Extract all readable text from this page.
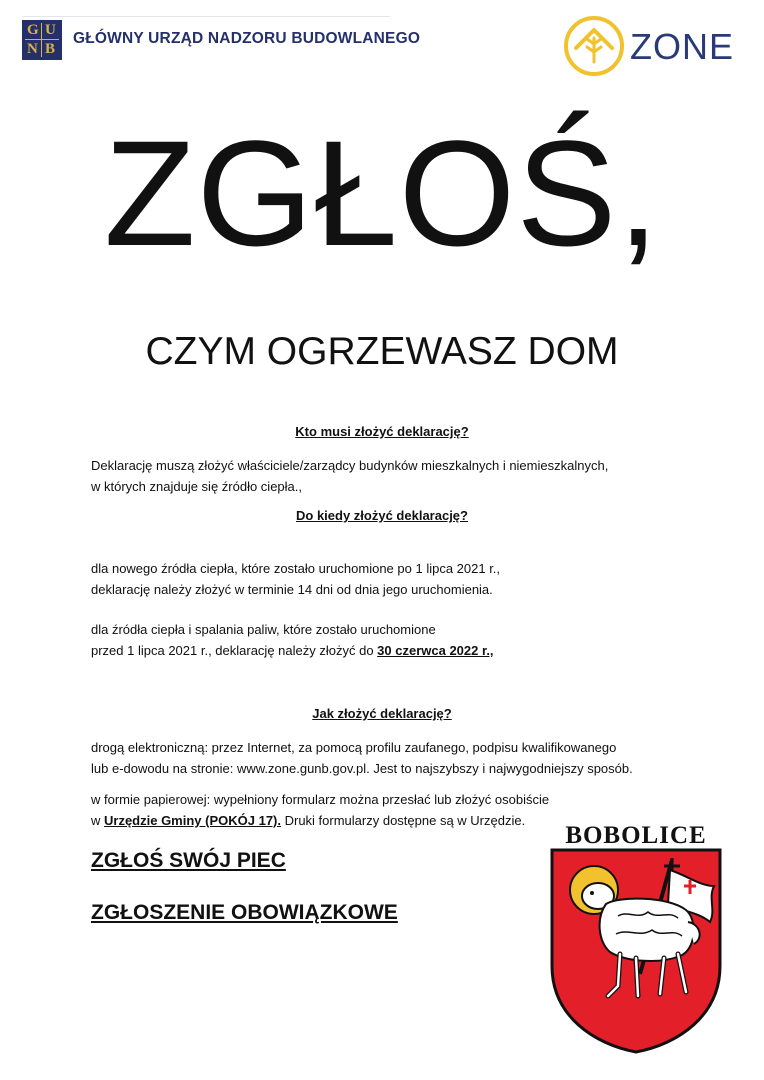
G U
N B
GŁÓWNY URZĄD NADZORU BUDOWLANEGO	ZONE
ZGŁOŚ,
CZYM OGRZEWASZ DOM
Kto musi złożyć deklarację?
Deklarację muszą złożyć właściciele/zarządcy budynków mieszkalnych i niemieszkalnych,
w których znajduje się źródło ciepła.,
Do kiedy złożyć deklarację?
dla nowego źródła ciepła, które zostało uruchomione po 1 lipca 2021 r.,
deklarację należy złożyć w terminie 14 dni od dnia jego uruchomienia.
dla źródła ciepła i spalania paliw, które zostało uruchomione
przed 1 lipca 2021 r., deklarację należy złożyć do 30 czerwca 2022 r.,
Jak złożyć deklarację?
drogą elektroniczną: przez Internet, za pomocą profilu zaufanego, podpisu kwalifikowanego
lub e-dowodu na stronie: www.zone.gunb.gov.pl. Jest to najszybszy i najwygodniejszy sposób.
w formie papierowej: wypełniony formularz można przesłać lub złożyć osobiście
w Urzędzie Gminy (POKÓJ 17). Druki formularzy dostępne są w Urzędzie.
ZGŁOŚ SWÓJ PIEC
ZGŁOSZENIE OBOWIĄZKOWE
BOBOLICE
